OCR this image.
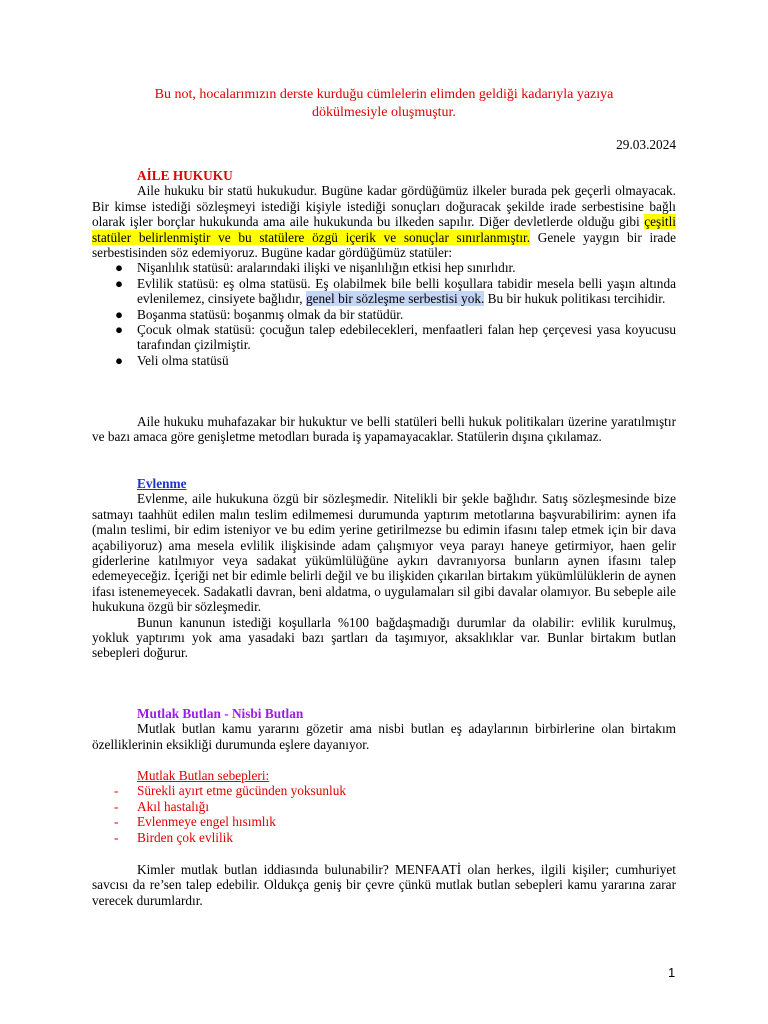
Bu not, hocalarımızın derste kurduğu cümlelerin elimden geldiği kadarıyla yazıya
dökülmesiyle oluşmuştur.
29.03.2024
AİLE HUKUKU

Aile hukuku bir statü hukukudur. Bugüne kadar gördüğümüz ilkeler burada pek geçerli olmayacak. Bir kimse istediği sözleşmeyi istediği kişiyle istediği sonuçları doğuracak şekilde irade serbestisine bağlı olarak işler borçlar hukukunda ama aile hukukunda bu ilkeden sapılır. Diğer devletlerde olduğu gibi çeşitli statüler belirlenmiştir ve bu statülere özgü içerik ve sonuçlar sınırlanmıştır. Genele yaygın bir irade serbestisinden söz edemiyoruz. Bugüne kadar gördüğümüz statüler:

● Nişanlılık statüsü: aralarındaki ilişki ve nişanlılığın etkisi hep sınırlıdır.
● Evlilik statüsü: eş olma statüsü. Eş olabilmek bile belli koşullara tabidir mesela belli yaşın altında evlenilemez, cinsiyete bağlıdır, genel bir sözleşme serbestisi yok. Bu bir hukuk politikası tercihidir.
● Boşanma statüsü: boşanmış olmak da bir statüdür.
● Çocuk olmak statüsü: çocuğun talep edebilecekleri, menfaatleri falan hep çerçevesi yasa koyucusu tarafından çizilmiştir.
● Veli olma statüsü

Aile hukuku muhafazakar bir hukuktur ve belli statüleri belli hukuk politikaları üzerine yaratılmıştır ve bazı amaca göre genişletme metodları burada iş yapamayacaklar. Statülerin dışına çıkılamaz.

Evlenme

Evlenme, aile hukukuna özgü bir sözleşmedir. Nitelikli bir şekle bağlıdır. Satış sözleşmesinde bize satmayı taahhüt edilen malın teslim edilmemesi durumunda yaptırım metotlarına başvurabilirim: aynen ifa (malın teslimi, bir edim isteniyor ve bu edim yerine getirilmezse bu edimin ifasını talep etmek için bir dava açabiliyoruz) ama mesela evlilik ilişkisinde adam çalışmıyor veya parayı haneye getirmiyor, haen gelir giderlerine katılmıyor veya sadakat yükümlülüğüne aykırı davranıyorsa bunların aynen ifasını talep edemeyeceğiz. İçeriği net bir edimle belirli değil ve bu ilişkiden çıkarılan birtakım yükümlülüklerin de aynen ifası istenemeyecek. Sadakatli davran, beni aldatma, o uygulamaları sil gibi davalar olamıyor. Bu sebeple aile hukukuna özgü bir sözleşmedir.

Bunun kanunun istediği koşullarla %100 bağdaşmadığı durumlar da olabilir: evlilik kurulmuş, yokluk yaptırımı yok ama yasadaki bazı şartları da taşımıyor, aksaklıklar var. Bunlar birtakım butlan sebepleri doğurur.

Mutlak Butlan - Nisbi Butlan

Mutlak butlan kamu yararını gözetir ama nisbi butlan eş adaylarının birbirlerine olan birtakım özelliklerinin eksikliği durumunda eşlere dayanıyor.

Mutlak Butlan sebepleri:
- Sürekli ayırt etme gücünden yoksunluk
- Akıl hastalığı
- Evlenmeye engel hısımlık
- Birden çok evlilik

Kimler mutlak butlan iddiasında bulunabilir? MENFAATİ olan herkes, ilgili kişiler; cumhuriyet savcısı da re’sen talep edebilir. Oldukça geniş bir çevre çünkü mutlak butlan sebepleri kamu yararına zarar verecek durumlardır.

1
